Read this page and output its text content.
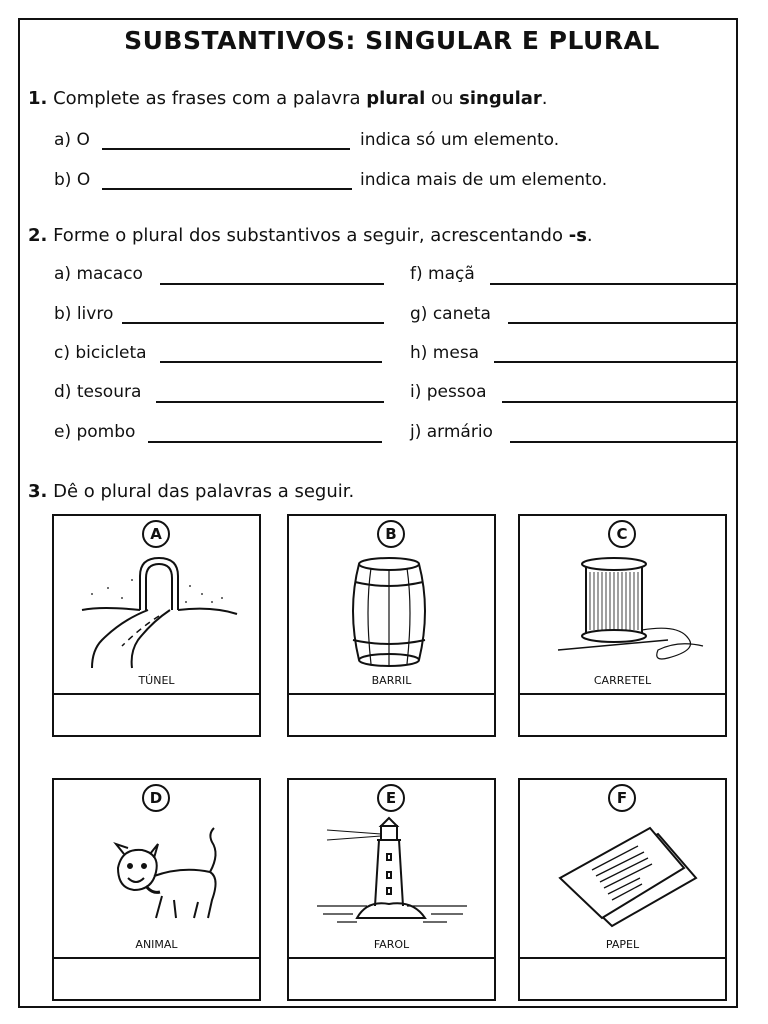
SUBSTANTIVOS: SINGULAR E PLURAL
1. Complete as frases com a palavra plural ou singular.
a) O	indica só um elemento.
b) O	indica mais de um elemento.
2. Forme o plural dos substantivos a seguir, acrescentando -s.
a) macaco
b) livro
c) bicicleta
d) tesoura
e) pombo
f) maçã
g) caneta
h) mesa
i) pessoa
j) armário
3. Dê o plural das palavras a seguir.
A
TÚNEL
B
BARRIL
C
CARRETEL
D
ANIMAL
E
FAROL
F
PAPEL
